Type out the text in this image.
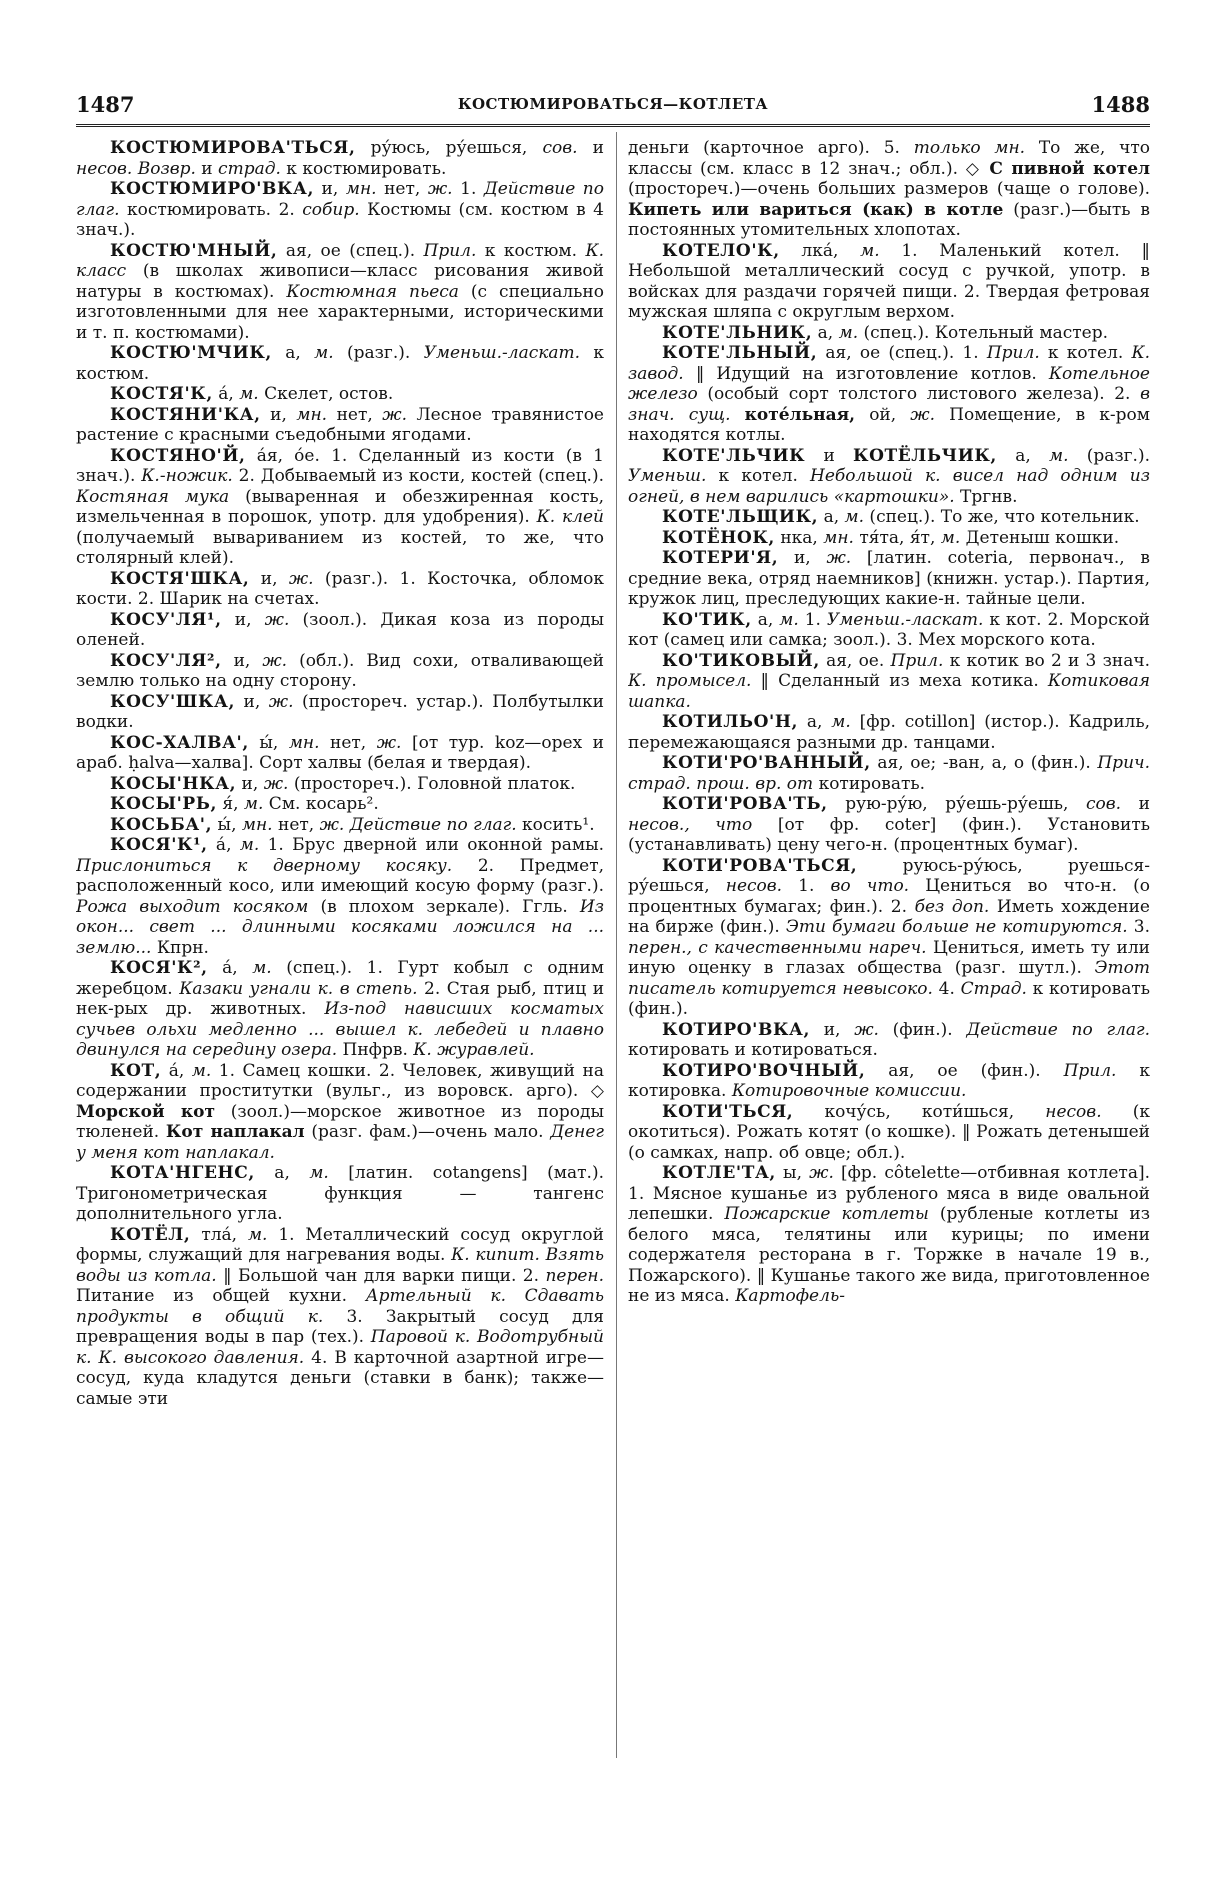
1487	КОСТЮМИРОВАТЬСЯ—КОТЛЕТА	1488

КОСТЮМИРОВА'ТЬСЯ, ру́юсь, ру́ешься, сов. и несов. Возвр. и страд. к костюмировать.

КОСТЮМИРО'ВКА, и, мн. нет, ж. 1. Действие по глаг. костюмировать. 2. собир. Костюмы (см. костюм в 4 знач.).

КОСТЮ'МНЫЙ, ая, ое (спец.). Прил. к костюм. К. класс (в школах живописи—класс рисования живой натуры в костюмах). Костюмная пьеса (с специально изготовленными для нее характерными, историческими и т. п. костюмами).

КОСТЮ'МЧИК, а, м. (разг.). Уменьш.-ласкат. к костюм.

КОСТЯ'К, а́, м. Скелет, остов.

КОСТЯНИ'КА, и, мн. нет, ж. Лесное травянистое растение с красными съедобными ягодами.

КОСТЯНО'Й, а́я, о́е. 1. Сделанный из кости (в 1 знач.). К.-ножик. 2. Добываемый из кости, костей (спец.). Костяная мука (вываренная и обезжиренная кость, измельченная в порошок, употр. для удобрения). К. клей (получаемый вывариванием из костей, то же, что столярный клей).

КОСТЯ'ШКА, и, ж. (разг.). 1. Косточка, обломок кости. 2. Шарик на счетах.

КОСУ'ЛЯ¹, и, ж. (зоол.). Дикая коза из породы оленей.

КОСУ'ЛЯ², и, ж. (обл.). Вид сохи, отваливающей землю только на одну сторону.

КОСУ'ШКА, и, ж. (простореч. устар.). Полбутылки водки.

КОС-ХАЛВА', ы́, мн. нет, ж. [от тур. koz—орех и араб. ḥalva—халва]. Сорт халвы (белая и твердая).

КОСЫ'НКА, и, ж. (простореч.). Головной платок.

КОСЫ'РЬ, я́, м. См. косарь².

КОСЬБА', ы́, мн. нет, ж. Действие по глаг. косить¹.

КОСЯ'К¹, а́, м. 1. Брус дверной или оконной рамы. Прислониться к дверному косяку. 2. Предмет, расположенный косо, или имеющий косую форму (разг.). Рожа выходит косяком (в плохом зеркале). Ггль. Из окон... свет ... длинными косяками ложился на ... землю... Кпрн.

КОСЯ'К², а́, м. (спец.). 1. Гурт кобыл с одним жеребцом. Казаки угнали к. в степь. 2. Стая рыб, птиц и нек-рых др. животных. Из-под нависших косматых сучьев ольхи медленно ... вышел к. лебедей и плавно двинулся на середину озера. Пнфрв. К. журавлей.

КОТ, а́, м. 1. Самец кошки. 2. Человек, живущий на содержании проститутки (вульг., из воровск. арго). ◇ Морской кот (зоол.)—морское животное из породы тюленей. Кот наплакал (разг. фам.)—очень мало. Денег у меня кот наплакал.

КОТА'НГЕНС, а, м. [латин. cotangens] (мат.). Тригонометрическая функция — тангенс дополнительного угла.

КОТЁЛ, тла́, м. 1. Металлический сосуд округлой формы, служащий для нагревания воды. К. кипит. Взять воды из котла. ‖ Большой чан для варки пищи. 2. перен. Питание из общей кухни. Артельный к. Сдавать продукты в общий к. 3. Закрытый сосуд для превращения воды в пар (тех.). Паровой к. Водотрубный к. К. высокого давления. 4. В карточной азартной игре—сосуд, куда кладутся деньги (ставки в банк); также—самые эти

деньги (карточное арго). 5. только мн. То же, что классы (см. класс в 12 знач.; обл.). ◇ С пивной котел (простореч.)—очень больших размеров (чаще о голове). Кипеть или вариться (как) в котле (разг.)—быть в постоянных утомительных хлопотах.

КОТЕЛО'К, лка́, м. 1. Маленький котел. ‖ Небольшой металлический сосуд с ручкой, употр. в войсках для раздачи горячей пищи. 2. Твердая фетровая мужская шляпа с округлым верхом.

КОТЕ'ЛЬНИК, а, м. (спец.). Котельный мастер.

КОТЕ'ЛЬНЫЙ, ая, ое (спец.). 1. Прил. к котел. К. завод. ‖ Идущий на изготовление котлов. Котельное железо (особый сорт толстого листового железа). 2. в знач. сущ. коте́льная, ой, ж. Помещение, в к-ром находятся котлы.

КОТЕ'ЛЬЧИК и КОТЁЛЬЧИК, а, м. (разг.). Уменьш. к котел. Небольшой к. висел над одним из огней, в нем варились «картошки». Тргнв.

КОТЕ'ЛЬЩИК, а, м. (спец.). То же, что котельник.

КОТЁНОК, нка, мн. тя́та, я́т, м. Детеныш кошки.

КОТЕРИ'Я, и, ж. [латин. coteria, первонач., в средние века, отряд наемников] (книжн. устар.). Партия, кружок лиц, преследующих какие-н. тайные цели.

КО'ТИК, а, м. 1. Уменьш.-ласкат. к кот. 2. Морской кот (самец или самка; зоол.). 3. Мех морского кота.

КО'ТИКОВЫЙ, ая, ое. Прил. к котик во 2 и 3 знач. К. промысел. ‖ Сделанный из меха котика. Котиковая шапка.

КОТИЛЬО'Н, а, м. [фр. cotillon] (истор.). Кадриль, перемежающаяся разными др. танцами.

КОТИ'РО'ВАННЫЙ, ая, ое; -ван, а, о (фин.). Прич. страд. прош. вр. от котировать.

КОТИ'РОВА'ТЬ, рую-ру́ю, ру́ешь-ру́ешь, сов. и несов., что [от фр. coter] (фин.). Установить (устанавливать) цену чего-н. (процентных бумаг).

КОТИ'РОВА'ТЬСЯ, руюсь-ру́юсь, руешься-ру́ешься, несов. 1. во что. Цениться во что-н. (о процентных бумагах; фин.). 2. без доп. Иметь хождение на бирже (фин.). Эти бумаги больше не котируются. 3. перен., с качественными нареч. Цениться, иметь ту или иную оценку в глазах общества (разг. шутл.). Этот писатель котируется невысоко. 4. Страд. к котировать (фин.).

КОТИРО'ВКА, и, ж. (фин.). Действие по глаг. котировать и котироваться.

КОТИРО'ВОЧНЫЙ, ая, ое (фин.). Прил. к котировка. Котировочные комиссии.

КОТИ'ТЬСЯ, кочу́сь, коти́шься, несов. (к окотиться). Рожать котят (о кошке). ‖ Рожать детенышей (о самках, напр. об овце; обл.).

КОТЛЕ'ТА, ы, ж. [фр. côtelette—отбивная котлета]. 1. Мясное кушанье из рубленого мяса в виде овальной лепешки. Пожарские котлеты (рубленые котлеты из белого мяса, телятины или курицы; по имени содержателя ресторана в г. Торжке в начале 19 в., Пожарского). ‖ Кушанье такого же вида, приготовленное не из мяса. Картофель-
